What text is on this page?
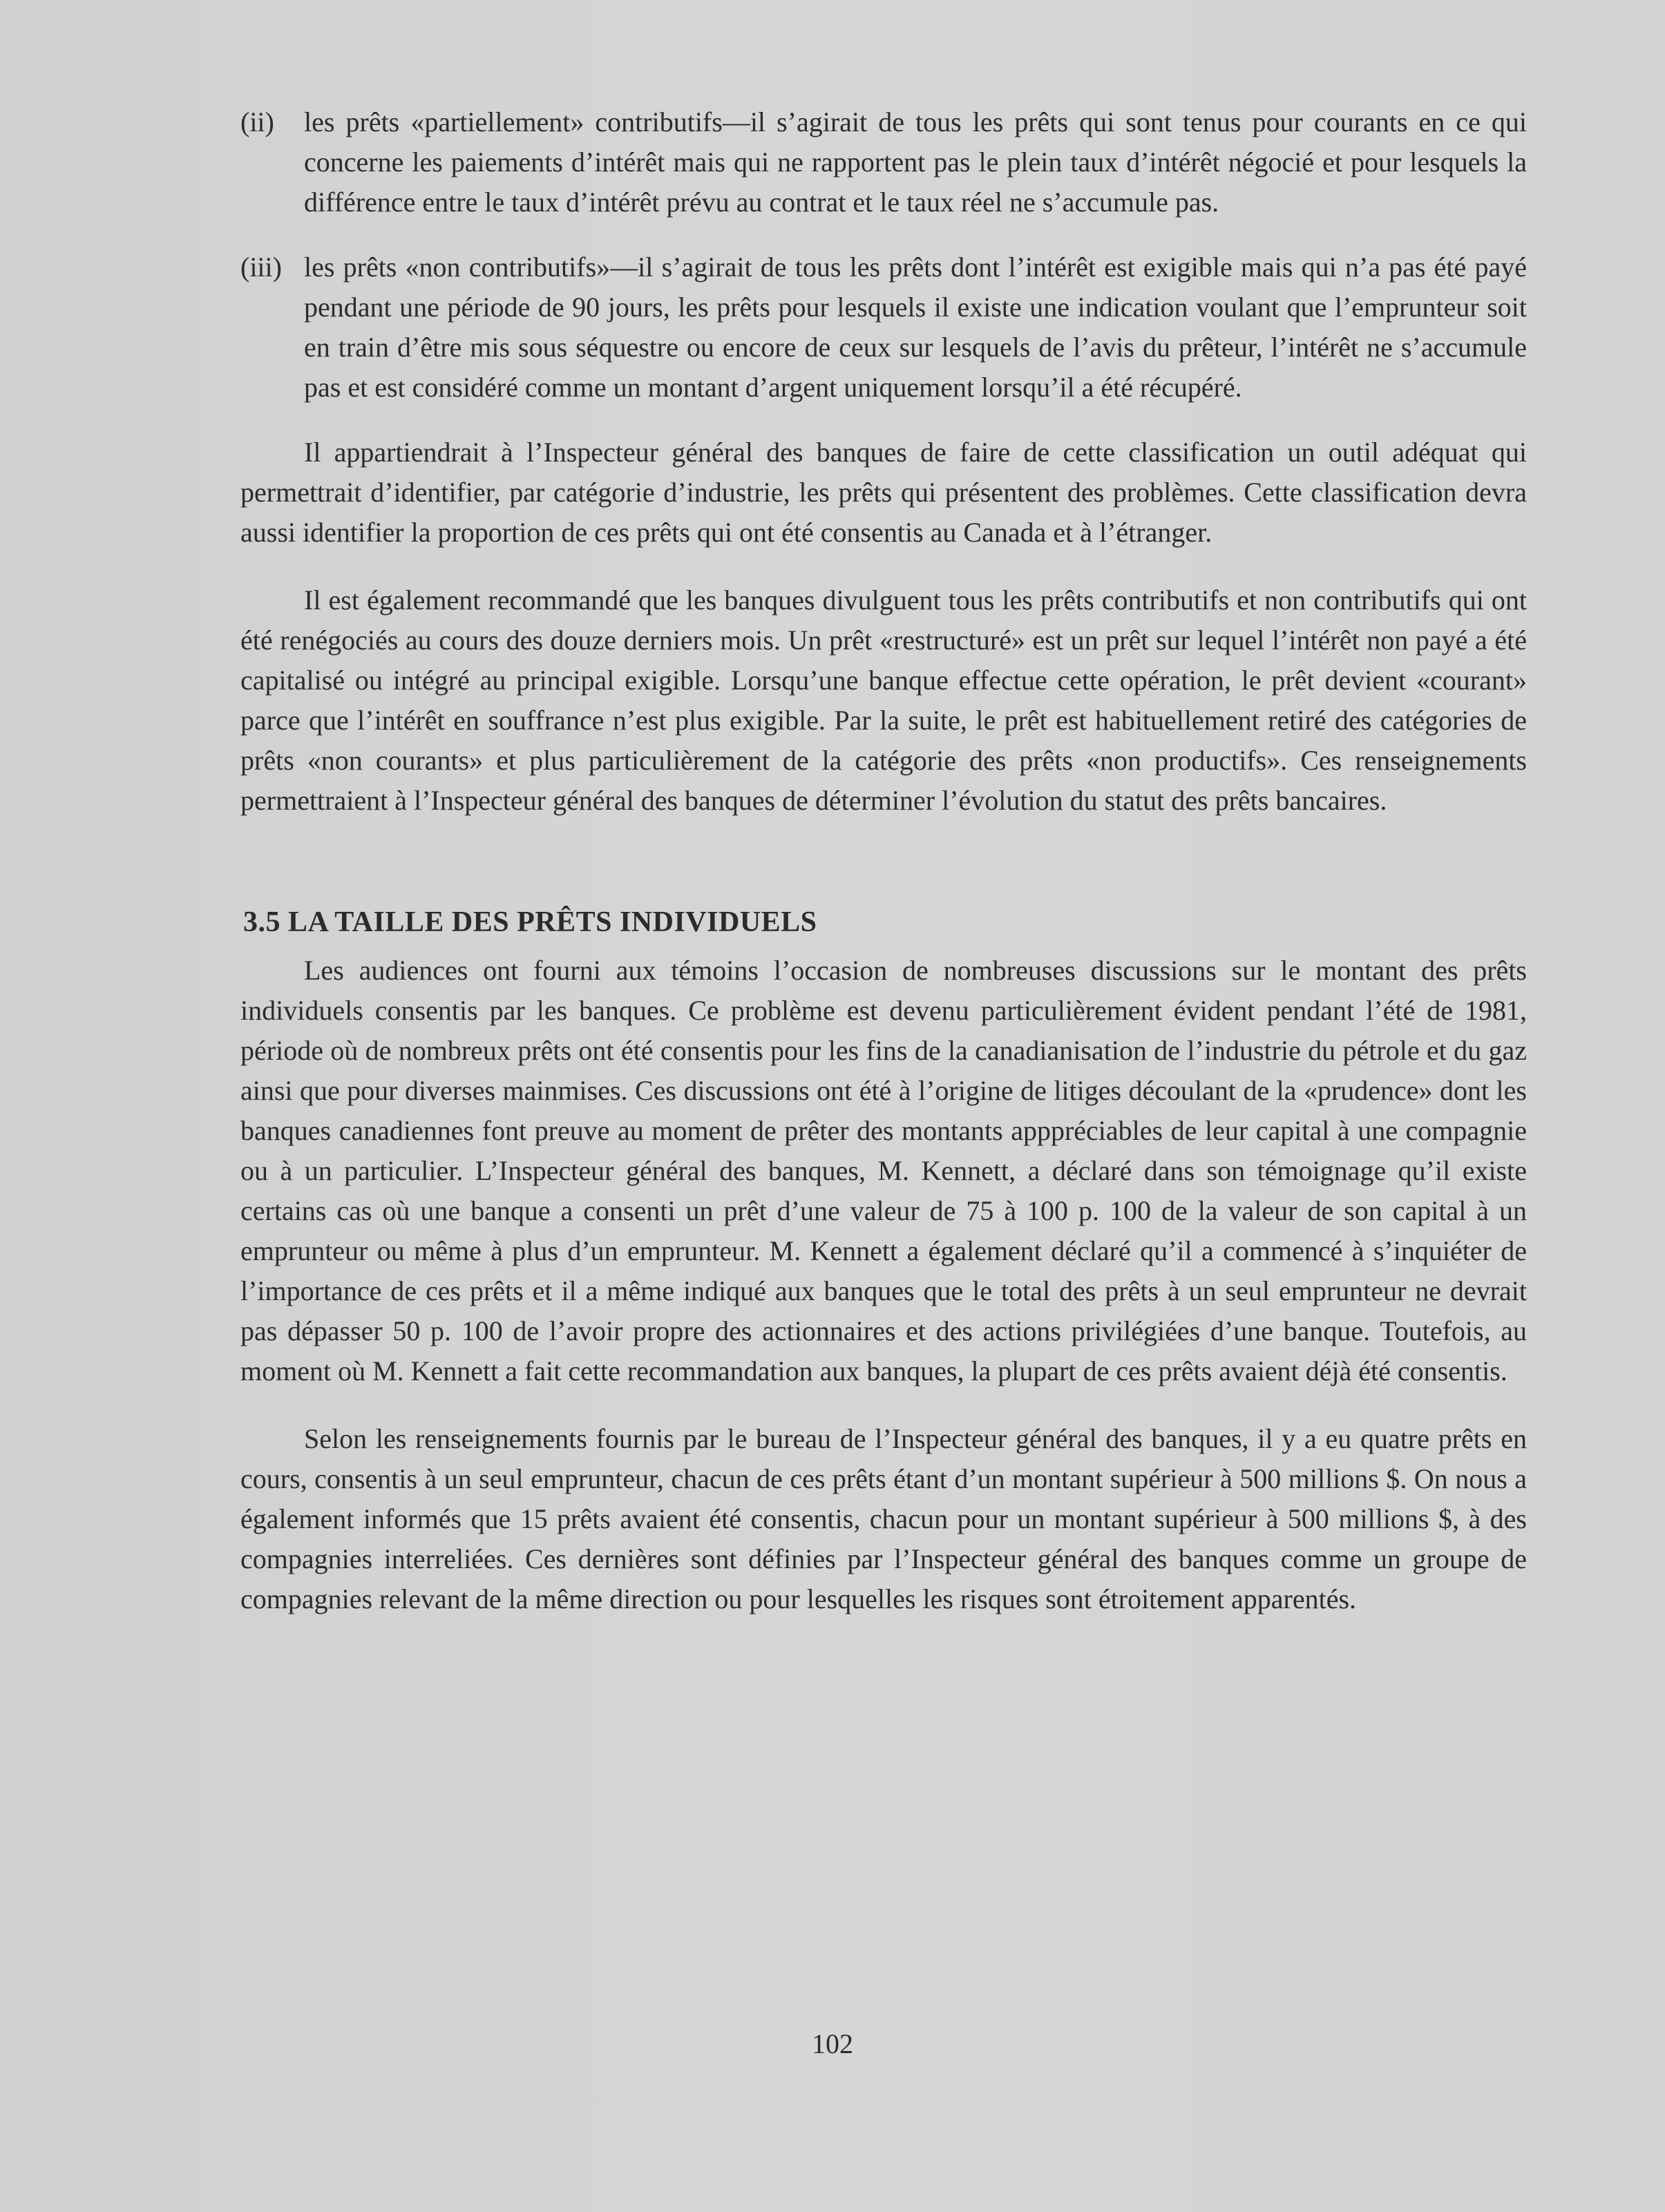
(ii) les prêts «partiellement» contributifs—il s’agirait de tous les prêts qui sont tenus pour courants en ce qui concerne les paiements d’intérêt mais qui ne rapportent pas le plein taux d’intérêt négocié et pour lesquels la différence entre le taux d’intérêt prévu au contrat et le taux réel ne s’accumule pas.
(iii) les prêts «non contributifs»—il s’agirait de tous les prêts dont l’intérêt est exigible mais qui n’a pas été payé pendant une période de 90 jours, les prêts pour lesquels il existe une indication voulant que l’emprunteur soit en train d’être mis sous séquestre ou encore de ceux sur lesquels de l’avis du prêteur, l’intérêt ne s’accumule pas et est considéré comme un montant d’argent uniquement lorsqu’il a été récupéré.

Il appartiendrait à l’Inspecteur général des banques de faire de cette classification un outil adéquat qui permettrait d’identifier, par catégorie d’industrie, les prêts qui présentent des problèmes. Cette classification devra aussi identifier la proportion de ces prêts qui ont été consentis au Canada et à l’étranger.

Il est également recommandé que les banques divulguent tous les prêts contributifs et non contributifs qui ont été renégociés au cours des douze derniers mois. Un prêt «restructuré» est un prêt sur lequel l’intérêt non payé a été capitalisé ou intégré au principal exigible. Lorsqu’une banque effectue cette opération, le prêt devient «courant» parce que l’intérêt en souffrance n’est plus exigible. Par la suite, le prêt est habituellement retiré des catégories de prêts «non courants» et plus particulièrement de la catégorie des prêts «non productifs». Ces renseignements permettraient à l’Inspecteur général des banques de déterminer l’évolution du statut des prêts bancaires.

3.5 LA TAILLE DES PRÊTS INDIVIDUELS

Les audiences ont fourni aux témoins l’occasion de nombreuses discussions sur le montant des prêts individuels consentis par les banques. Ce problème est devenu particulièrement évident pendant l’été de 1981, période où de nombreux prêts ont été consentis pour les fins de la canadianisation de l’industrie du pétrole et du gaz ainsi que pour diverses mainmises. Ces discussions ont été à l’origine de litiges découlant de la «prudence» dont les banques canadiennes font preuve au moment de prêter des montants apppréciables de leur capital à une compagnie ou à un particulier. L’Inspecteur général des banques, M. Kennett, a déclaré dans son témoignage qu’il existe certains cas où une banque a consenti un prêt d’une valeur de 75 à 100 p. 100 de la valeur de son capital à un emprunteur ou même à plus d’un emprunteur. M. Kennett a également déclaré qu’il a commencé à s’inquiéter de l’importance de ces prêts et il a même indiqué aux banques que le total des prêts à un seul emprunteur ne devrait pas dépasser 50 p. 100 de l’avoir propre des actionnaires et des actions privilégiées d’une banque. Toutefois, au moment où M. Kennett a fait cette recommandation aux banques, la plupart de ces prêts avaient déjà été consentis.

Selon les renseignements fournis par le bureau de l’Inspecteur général des banques, il y a eu quatre prêts en cours, consentis à un seul emprunteur, chacun de ces prêts étant d’un montant supérieur à 500 millions $. On nous a également informés que 15 prêts avaient été consentis, chacun pour un montant supérieur à 500 millions $, à des compagnies interreliées. Ces dernières sont définies par l’Inspecteur général des banques comme un groupe de compagnies relevant de la même direction ou pour lesquelles les risques sont étroitement apparentés.

102
